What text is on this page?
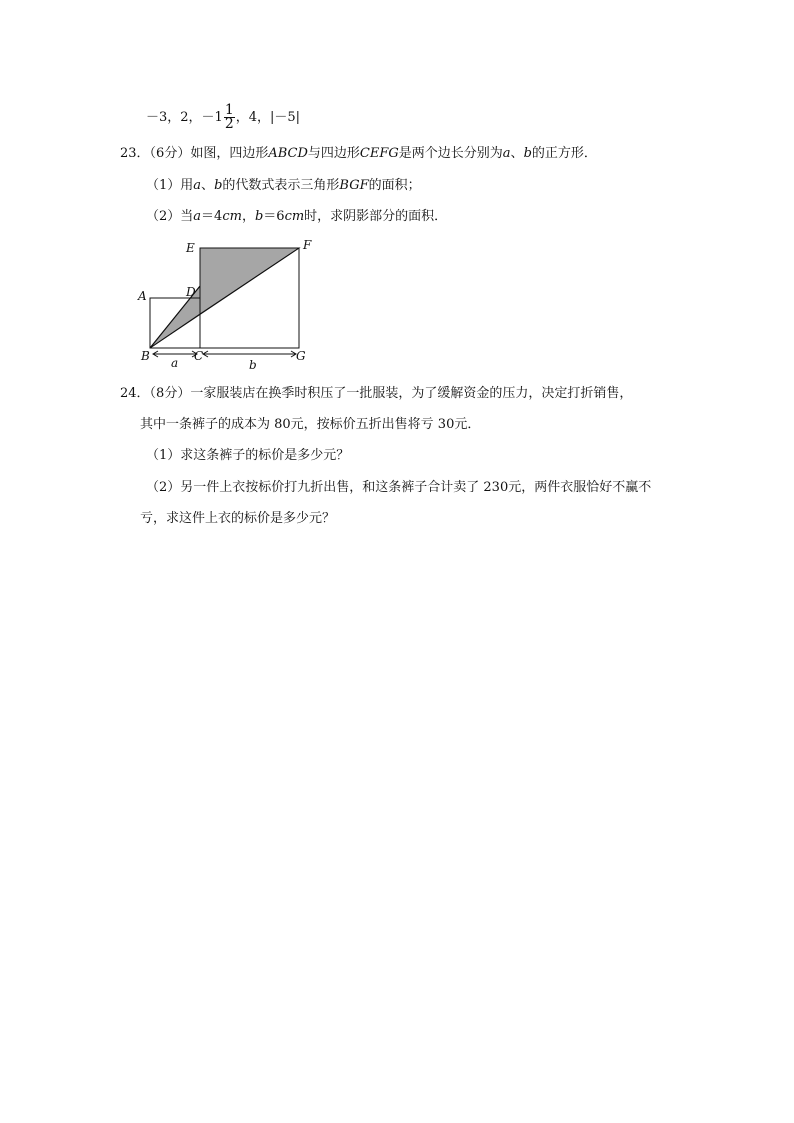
－3，2，$-1 \frac{1}{2}$ ，4，|－5|
23．（6分）如图，四边形ABCD与四边形CEFG是两个边长分别为a、b的正方形．
（1）用a、b的代数式表示三角形BGF的面积；
（2）当a＝4cm，b＝6cm时，求阴影部分的面积．
E	F
A	D
B	C	G
a	b
24．（8分）一家服装店在换季时积压了一批服装，为了缓解资金的压力，决定打折销售，
其中一条裤子的成本为 80元，按标价五折出售将亏 30元．
（1）求这条裤子的标价是多少元？
（2）另一件上衣按标价打九折出售，和这条裤子合计卖了 230元，两件衣服恰好不赢不
亏，求这件上衣的标价是多少元？
